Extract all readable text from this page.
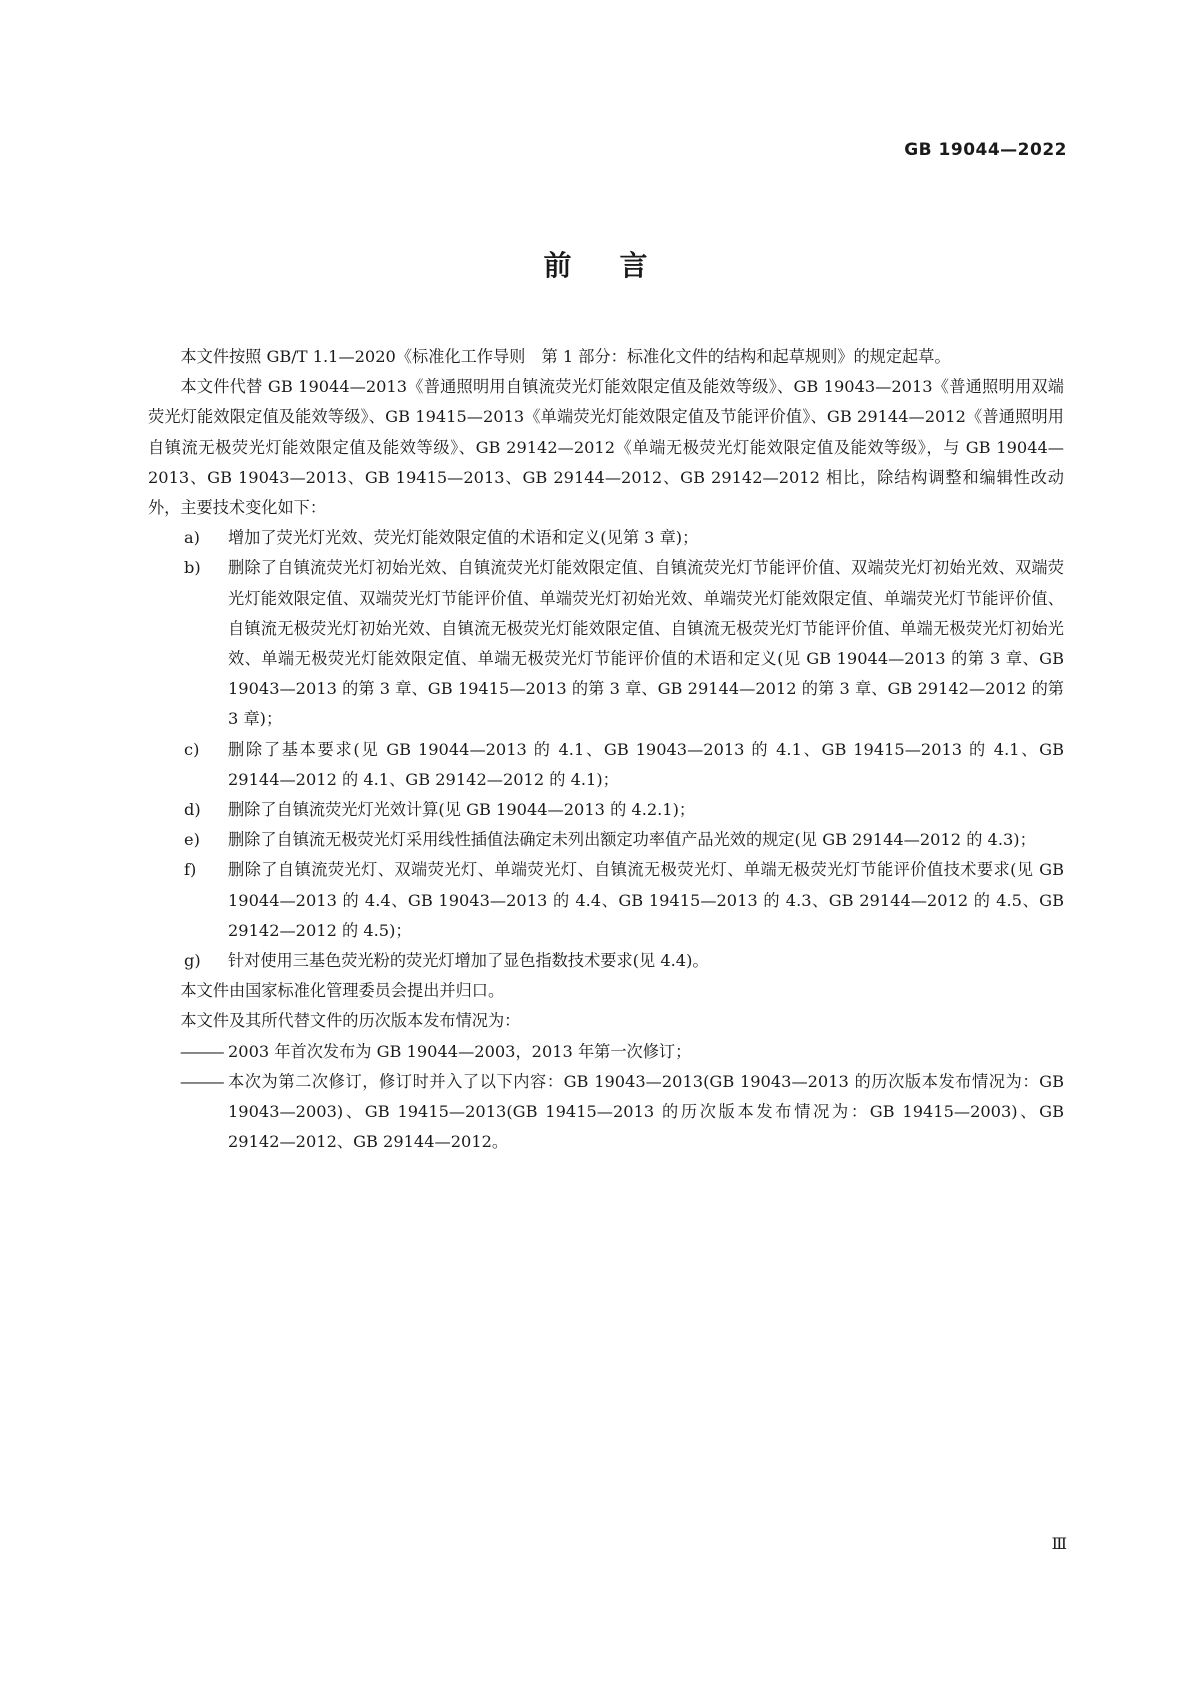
GB 19044—2022
前言

本文件按照 GB/T 1.1—2020《标准化工作导则　第 1 部分：标准化文件的结构和起草规则》的规定起草。

本文件代替 GB 19044—2013《普通照明用自镇流荧光灯能效限定值及能效等级》、GB 19043—2013《普通照明用双端荧光灯能效限定值及能效等级》、GB 19415—2013《单端荧光灯能效限定值及节能评价值》、GB 29144—2012《普通照明用自镇流无极荧光灯能效限定值及能效等级》、GB 29142—2012《单端无极荧光灯能效限定值及能效等级》，与 GB 19044—2013、GB 19043—2013、GB 19415—2013、GB 29144—2012、GB 29142—2012 相比，除结构调整和编辑性改动外，主要技术变化如下：

a) 增加了荧光灯光效、荧光灯能效限定值的术语和定义(见第 3 章)；

b) 删除了自镇流荧光灯初始光效、自镇流荧光灯能效限定值、自镇流荧光灯节能评价值、双端荧光灯初始光效、双端荧光灯能效限定值、双端荧光灯节能评价值、单端荧光灯初始光效、单端荧光灯能效限定值、单端荧光灯节能评价值、自镇流无极荧光灯初始光效、自镇流无极荧光灯能效限定值、自镇流无极荧光灯节能评价值、单端无极荧光灯初始光效、单端无极荧光灯能效限定值、单端无极荧光灯节能评价值的术语和定义(见 GB 19044—2013 的第 3 章、GB 19043—2013 的第 3 章、GB 19415—2013 的第 3 章、GB 29144—2012 的第 3 章、GB 29142—2012 的第 3 章)；

c) 删除了基本要求(见 GB 19044—2013 的 4.1、GB 19043—2013 的 4.1、GB 19415—2013 的 4.1、GB 29144—2012 的 4.1、GB 29142—2012 的 4.1)；

d) 删除了自镇流荧光灯光效计算(见 GB 19044—2013 的 4.2.1)；

e) 删除了自镇流无极荧光灯采用线性插值法确定未列出额定功率值产品光效的规定(见 GB 29144—2012 的 4.3)；

f) 删除了自镇流荧光灯、双端荧光灯、单端荧光灯、自镇流无极荧光灯、单端无极荧光灯节能评价值技术要求(见 GB 19044—2013 的 4.4、GB 19043—2013 的 4.4、GB 19415—2013 的 4.3、GB 29144—2012 的 4.5、GB 29142—2012 的 4.5)；

g) 针对使用三基色荧光粉的荧光灯增加了显色指数技术要求(见 4.4)。

本文件由国家标准化管理委员会提出并归口。

本文件及其所代替文件的历次版本发布情况为：

——— 2003 年首次发布为 GB 19044—2003，2013 年第一次修订；

——— 本次为第二次修订，修订时并入了以下内容：GB 19043—2013(GB 19043—2013 的历次版本发布情况为：GB 19043—2003)、GB 19415—2013(GB 19415—2013 的历次版本发布情况为：GB 19415—2003)、GB 29142—2012、GB 29144—2012。

Ⅲ
